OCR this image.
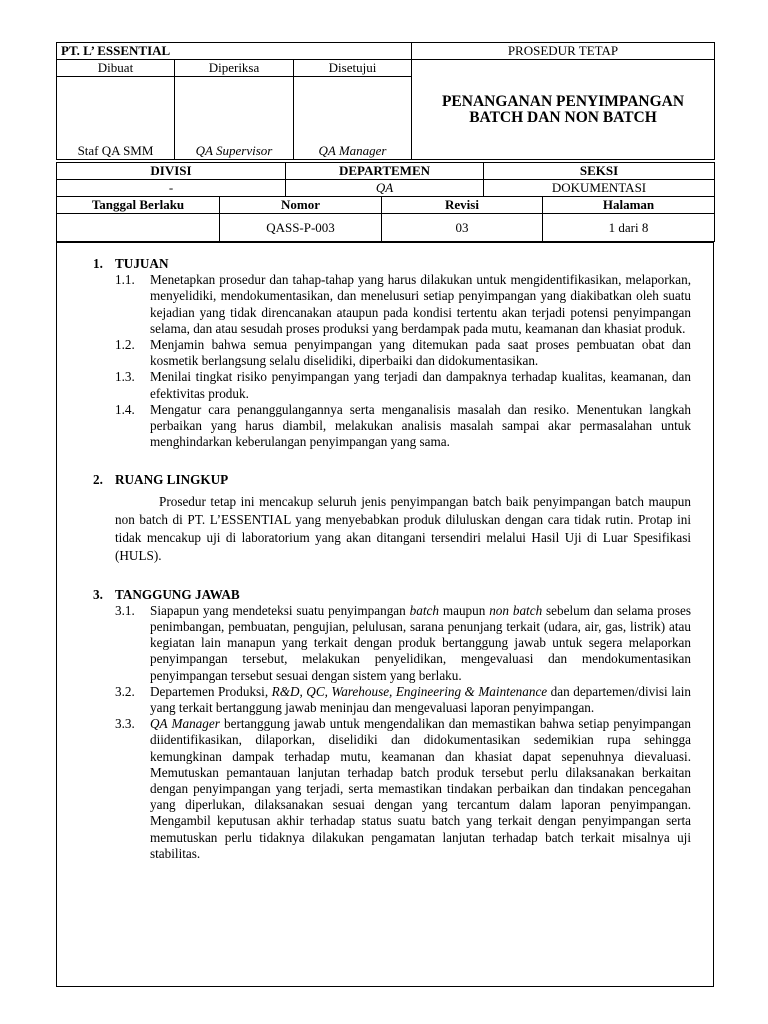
PT. L’ ESSENTIAL			PROSEDUR TETAP
Dibuat	Diperiksa	Disetujui	PENANGANAN PENYIMPANGAN
BATCH DAN NON BATCH

Staf QA SMM	QA Supervisor	QA Manager	
DIVISI	DEPARTEMEN	SEKSI
-	QA	DOKUMENTASI
Tanggal Berlaku	Nomor	Revisi	Halaman
	QASS-P-003	03	1 dari 8

1. TUJUAN

1.1. Menetapkan prosedur dan tahap-tahap yang harus dilakukan untuk mengidentifikasikan, melaporkan, menyelidiki, mendokumentasikan, dan menelusuri setiap penyimpangan yang diakibatkan oleh suatu kejadian yang tidak direncanakan ataupun pada kondisi tertentu akan terjadi potensi penyimpangan selama, dan atau sesudah proses produksi yang berdampak pada mutu, keamanan dan khasiat produk.

1.2. Menjamin bahwa semua penyimpangan yang ditemukan pada saat proses pembuatan obat dan kosmetik berlangsung selalu diselidiki, diperbaiki dan didokumentasikan.

1.3. Menilai tingkat risiko penyimpangan yang terjadi dan dampaknya terhadap kualitas, keamanan, dan efektivitas produk.

1.4. Mengatur cara penanggulangannya serta menganalisis masalah dan resiko. Menentukan langkah perbaikan yang harus diambil, melakukan analisis masalah sampai akar permasalahan untuk menghindarkan keberulangan penyimpangan yang sama.

2. RUANG LINGKUP

Prosedur tetap ini mencakup seluruh jenis penyimpangan batch baik penyimpangan batch maupun non batch di PT. L’ESSENTIAL yang menyebabkan produk diluluskan dengan cara tidak rutin. Protap ini tidak mencakup uji di laboratorium yang akan ditangani tersendiri melalui Hasil Uji di Luar Spesifikasi (HULS).

3. TANGGUNG JAWAB

3.1. Siapapun yang mendeteksi suatu penyimpangan batch maupun non batch sebelum dan selama proses penimbangan, pembuatan, pengujian, pelulusan, sarana penunjang terkait (udara, air, gas, listrik) atau kegiatan lain manapun yang terkait dengan produk bertanggung jawab untuk segera melaporkan penyimpangan tersebut, melakukan penyelidikan, mengevaluasi dan mendokumentasikan penyimpangan tersebut sesuai dengan sistem yang berlaku.

3.2. Departemen Produksi, R&D, QC, Warehouse, Engineering & Maintenance dan departemen/divisi lain yang terkait bertanggung jawab meninjau dan mengevaluasi laporan penyimpangan.

3.3. QA Manager bertanggung jawab untuk mengendalikan dan memastikan bahwa setiap penyimpangan diidentifikasikan, dilaporkan, diselidiki dan didokumentasikan sedemikian rupa sehingga kemungkinan dampak terhadap mutu, keamanan dan khasiat dapat sepenuhnya dievaluasi. Memutuskan pemantauan lanjutan terhadap batch produk tersebut perlu dilaksanakan berkaitan dengan penyimpangan yang terjadi, serta memastikan tindakan perbaikan dan tindakan pencegahan yang diperlukan, dilaksanakan sesuai dengan yang tercantum dalam laporan penyimpangan. Mengambil keputusan akhir terhadap status suatu batch yang terkait dengan penyimpangan serta memutuskan perlu tidaknya dilakukan pengamatan lanjutan terhadap batch terkait misalnya uji stabilitas.
